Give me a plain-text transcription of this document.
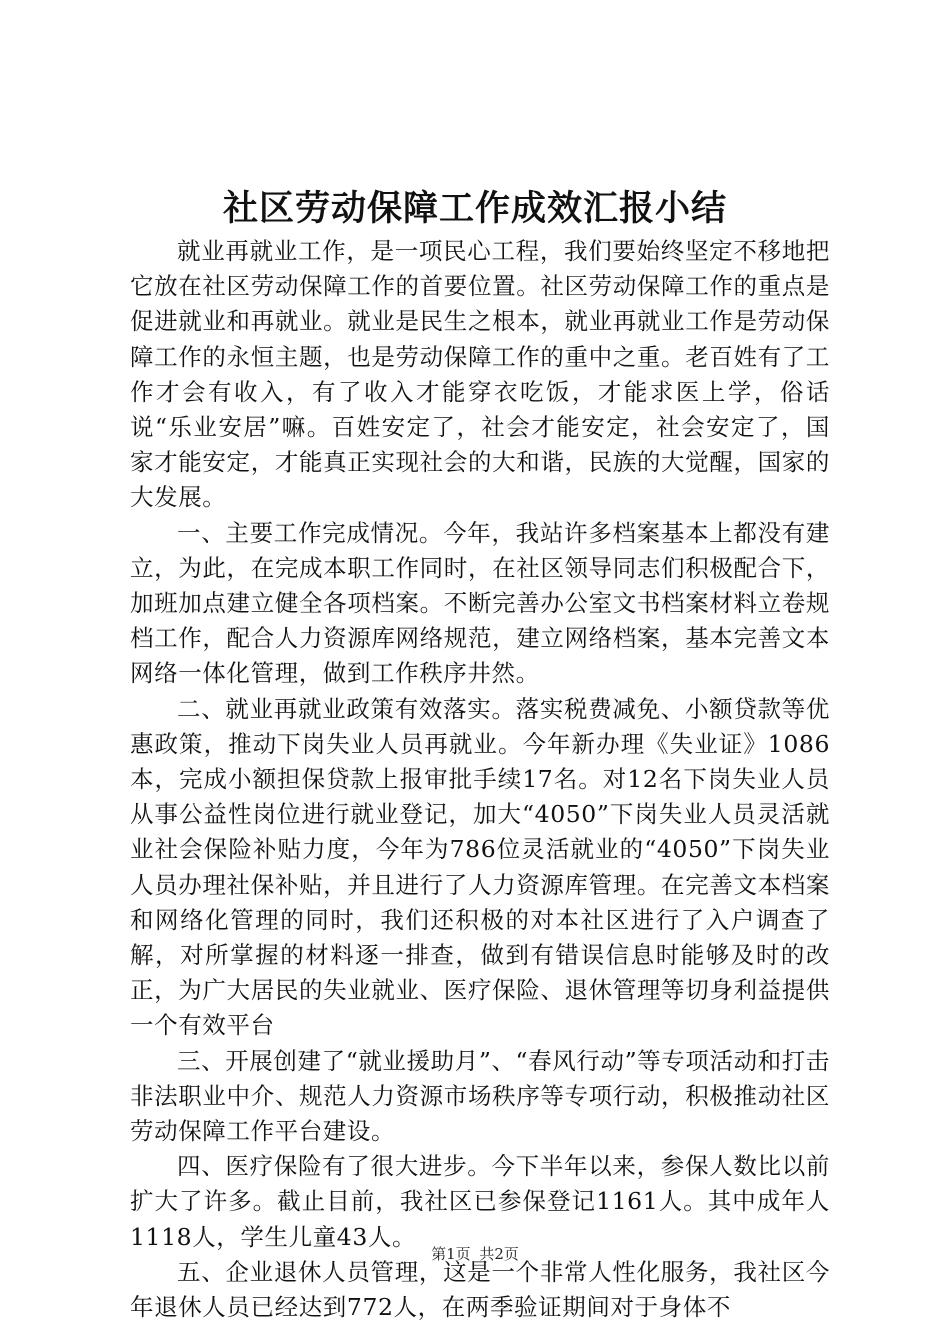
社区劳动保障工作成效汇报小结

就业再就业工作，是一项民心工程，我们要始终坚定不移地把它放在社区劳动保障工作的首要位置。社区劳动保障工作的重点是促进就业和再就业。就业是民生之根本，就业再就业工作是劳动保障工作的永恒主题，也是劳动保障工作的重中之重。老百姓有了工作才会有收入，有了收入才能穿衣吃饭，才能求医上学，俗话说“乐业安居”嘛。百姓安定了，社会才能安定，社会安定了，国家才能安定，才能真正实现社会的大和谐，民族的大觉醒，国家的大发展。

一、主要工作完成情况。今年，我站许多档案基本上都没有建立，为此，在完成本职工作同时，在社区领导同志们积极配合下，加班加点建立健全各项档案。不断完善办公室文书档案材料立卷规档工作，配合人力资源库网络规范，建立网络档案，基本完善文本网络一体化管理，做到工作秩序井然。

二、就业再就业政策有效落实。落实税费减免、小额贷款等优惠政策，推动下岗失业人员再就业。今年新办理《失业证》1086本，完成小额担保贷款上报审批手续17名。对12名下岗失业人员从事公益性岗位进行就业登记，加大“4050”下岗失业人员灵活就业社会保险补贴力度，今年为786位灵活就业的“4050”下岗失业人员办理社保补贴，并且进行了人力资源库管理。在完善文本档案和网络化管理的同时，我们还积极的对本社区进行了入户调查了解，对所掌握的材料逐一排查，做到有错误信息时能够及时的改正，为广大居民的失业就业、医疗保险、退休管理等切身利益提供一个有效平台

三、开展创建了“就业援助月”、“春风行动”等专项活动和打击非法职业中介、规范人力资源市场秩序等专项行动，积极推动社区劳动保障工作平台建设。

四、医疗保险有了很大进步。今下半年以来，参保人数比以前扩大了许多。截止目前，我社区已参保登记1161人。其中成年人1118人，学生儿童43人。

五、企业退休人员管理，这是一个非常人性化服务，我社区今年退休人员已经达到772人，在两季验证期间对于身体不

第1页 共2页
